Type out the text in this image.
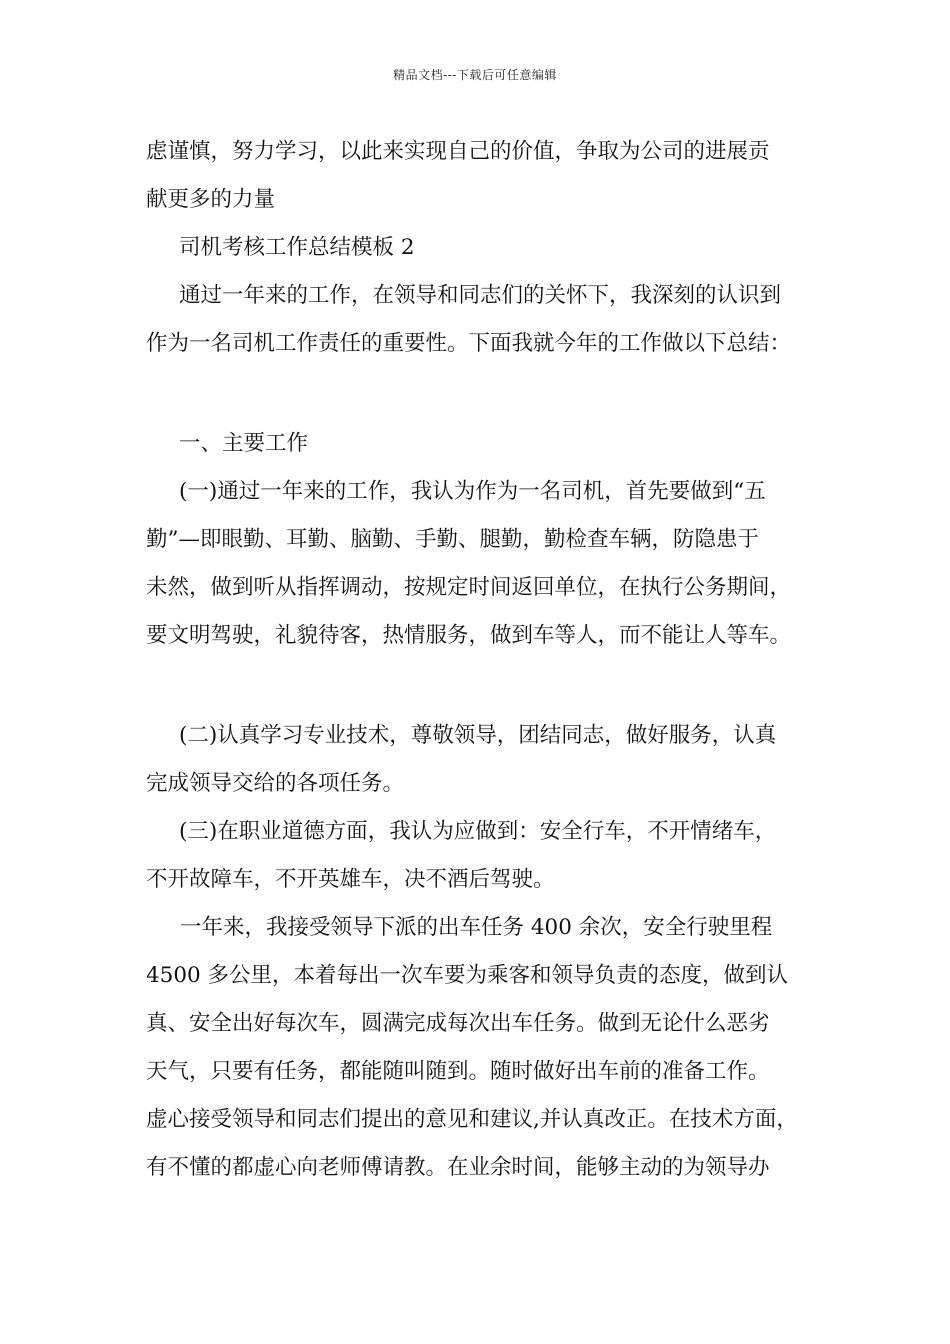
精品文档---下载后可任意编辑
虑谨慎，努力学习，以此来实现自己的价值，争取为公司的进展贡
献更多的力量
司机考核工作总结模板 2
通过一年来的工作，在领导和同志们的关怀下，我深刻的认识到
作为一名司机工作责任的重要性。下面我就今年的工作做以下总结：
一、主要工作
(一)通过一年来的工作，我认为作为一名司机，首先要做到“五
勤”—即眼勤、耳勤、脑勤、手勤、腿勤，勤检查车辆，防隐患于
未然，做到听从指挥调动，按规定时间返回单位，在执行公务期间，
要文明驾驶，礼貌待客，热情服务，做到车等人，而不能让人等车。
(二)认真学习专业技术，尊敬领导，团结同志，做好服务，认真
完成领导交给的各项任务。
(三)在职业道德方面，我认为应做到：安全行车，不开情绪车，
不开故障车，不开英雄车，决不酒后驾驶。
一年来，我接受领导下派的出车任务 400 余次，安全行驶里程
4500 多公里，本着每出一次车要为乘客和领导负责的态度，做到认
真、安全出好每次车，圆满完成每次出车任务。做到无论什么恶劣
天气，只要有任务，都能随叫随到。随时做好出车前的准备工作。
虚心接受领导和同志们提出的意见和建议,并认真改正。在技术方面，
有不懂的都虚心向老师傅请教。在业余时间，能够主动的为领导办
